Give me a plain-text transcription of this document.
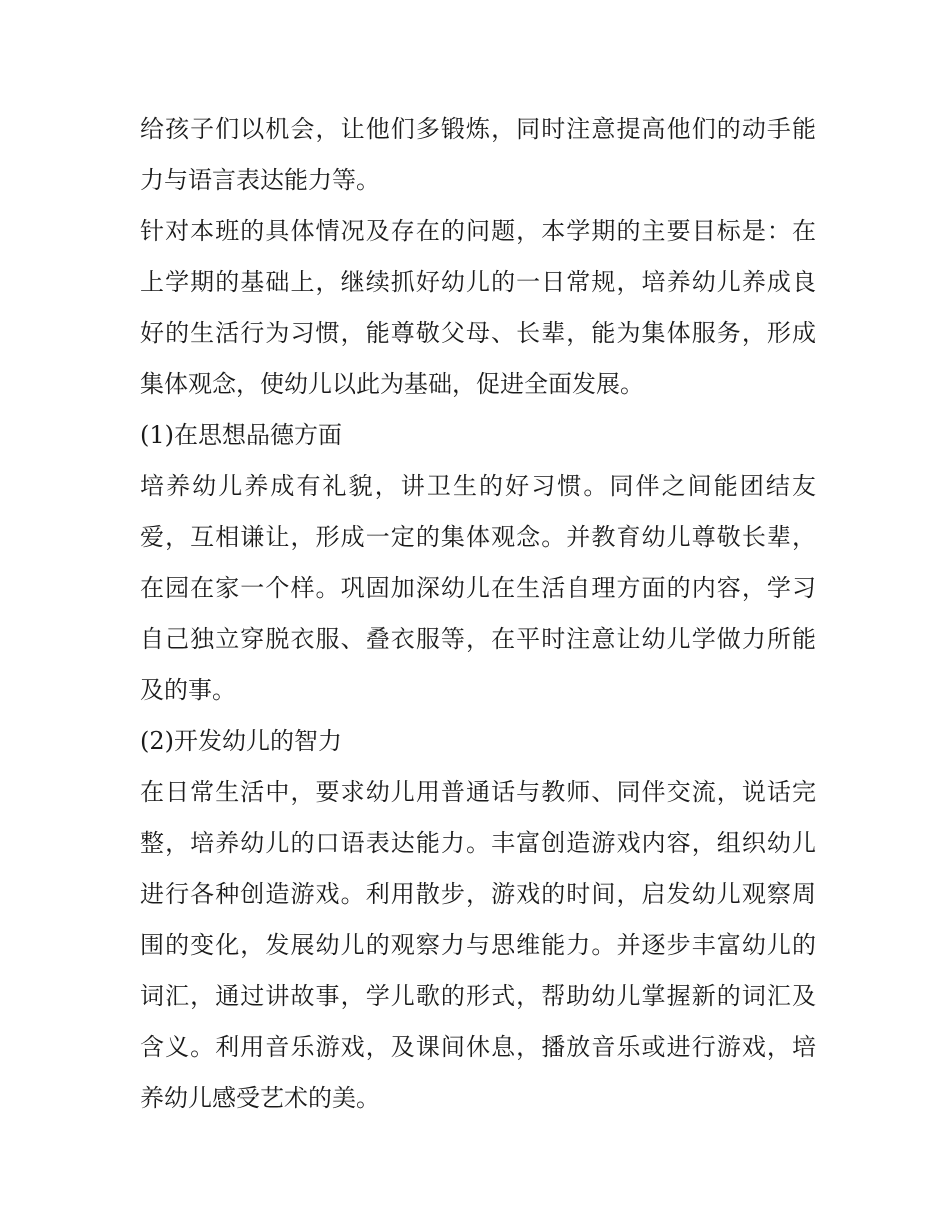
给孩子们以机会，让他们多锻炼，同时注意提高他们的动手能
力与语言表达能力等。
针对本班的具体情况及存在的问题，本学期的主要目标是：在
上学期的基础上，继续抓好幼儿的一日常规，培养幼儿养成良
好的生活行为习惯，能尊敬父母、长辈，能为集体服务，形成
集体观念，使幼儿以此为基础，促进全面发展。
(1)在思想品德方面
培养幼儿养成有礼貌，讲卫生的好习惯。同伴之间能团结友
爱，互相谦让，形成一定的集体观念。并教育幼儿尊敬长辈，
在园在家一个样。巩固加深幼儿在生活自理方面的内容，学习
自己独立穿脱衣服、叠衣服等，在平时注意让幼儿学做力所能
及的事。
(2)开发幼儿的智力
在日常生活中，要求幼儿用普通话与教师、同伴交流，说话完
整，培养幼儿的口语表达能力。丰富创造游戏内容，组织幼儿
进行各种创造游戏。利用散步，游戏的时间，启发幼儿观察周
围的变化，发展幼儿的观察力与思维能力。并逐步丰富幼儿的
词汇，通过讲故事，学儿歌的形式，帮助幼儿掌握新的词汇及
含义。利用音乐游戏，及课间休息，播放音乐或进行游戏，培
养幼儿感受艺术的美。
